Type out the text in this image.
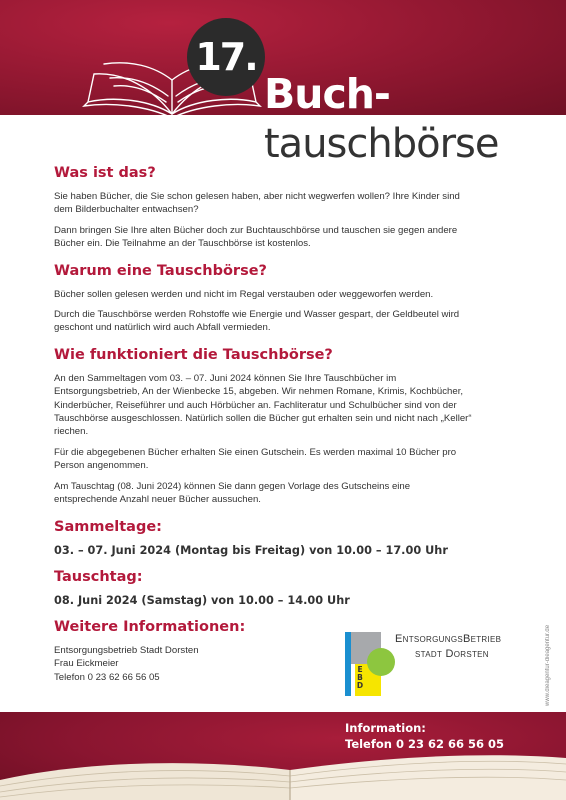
17.
Buch-
tauschbörse
Was ist das?

Sie haben Bücher, die Sie schon gelesen haben, aber nicht wegwerfen wollen? Ihre Kinder sind dem Bilderbuchalter entwachsen?

Dann bringen Sie Ihre alten Bücher doch zur Buchtauschbörse und tauschen sie gegen andere Bücher ein. Die Teilnahme an der Tauschbörse ist kostenlos.

Warum eine Tauschbörse?

Bücher sollen gelesen werden und nicht im Regal verstauben oder weggeworfen werden.

Durch die Tauschbörse werden Rohstoffe wie Energie und Wasser gespart, der Geldbeutel wird geschont und natürlich wird auch Abfall vermieden.

Wie funktioniert die Tauschbörse?

An den Sammeltagen vom 03. – 07. Juni 2024 können Sie Ihre Tauschbücher im Entsorgungsbetrieb, An der Wienbecke 15, abgeben. Wir nehmen Romane, Krimis, Kochbücher, Kinderbücher, Reiseführer und auch Hörbücher an. Fachliteratur und Schulbücher sind von der Tauschbörse ausgeschlossen. Natürlich sollen die Bücher gut erhalten sein und nicht nach „Keller“ riechen.

Für die abgegebenen Bücher erhalten Sie einen Gutschein. Es werden maximal 10 Bücher pro Person angenommen.

Am Tauschtag (08. Juni 2024) können Sie dann gegen Vorlage des Gutscheins eine entsprechende Anzahl neuer Bücher aussuchen.

Sammeltage:
03. – 07. Juni 2024 (Montag bis Freitag) von 10.00 – 17.00 Uhr
Tauschtag:
08. Juni 2024 (Samstag) von 10.00 – 14.00 Uhr
Weitere Informationen:

Entsorgungsbetrieb Stadt Dorsten

Frau Eickmeier

Telefon 0 23 62 66 56 05

E
B
D
EntsorgungsBetrieb
stadt Dorsten	www.dieagentur-dieagentur.de
Information:
Telefon 0 23 62 66 56 05
